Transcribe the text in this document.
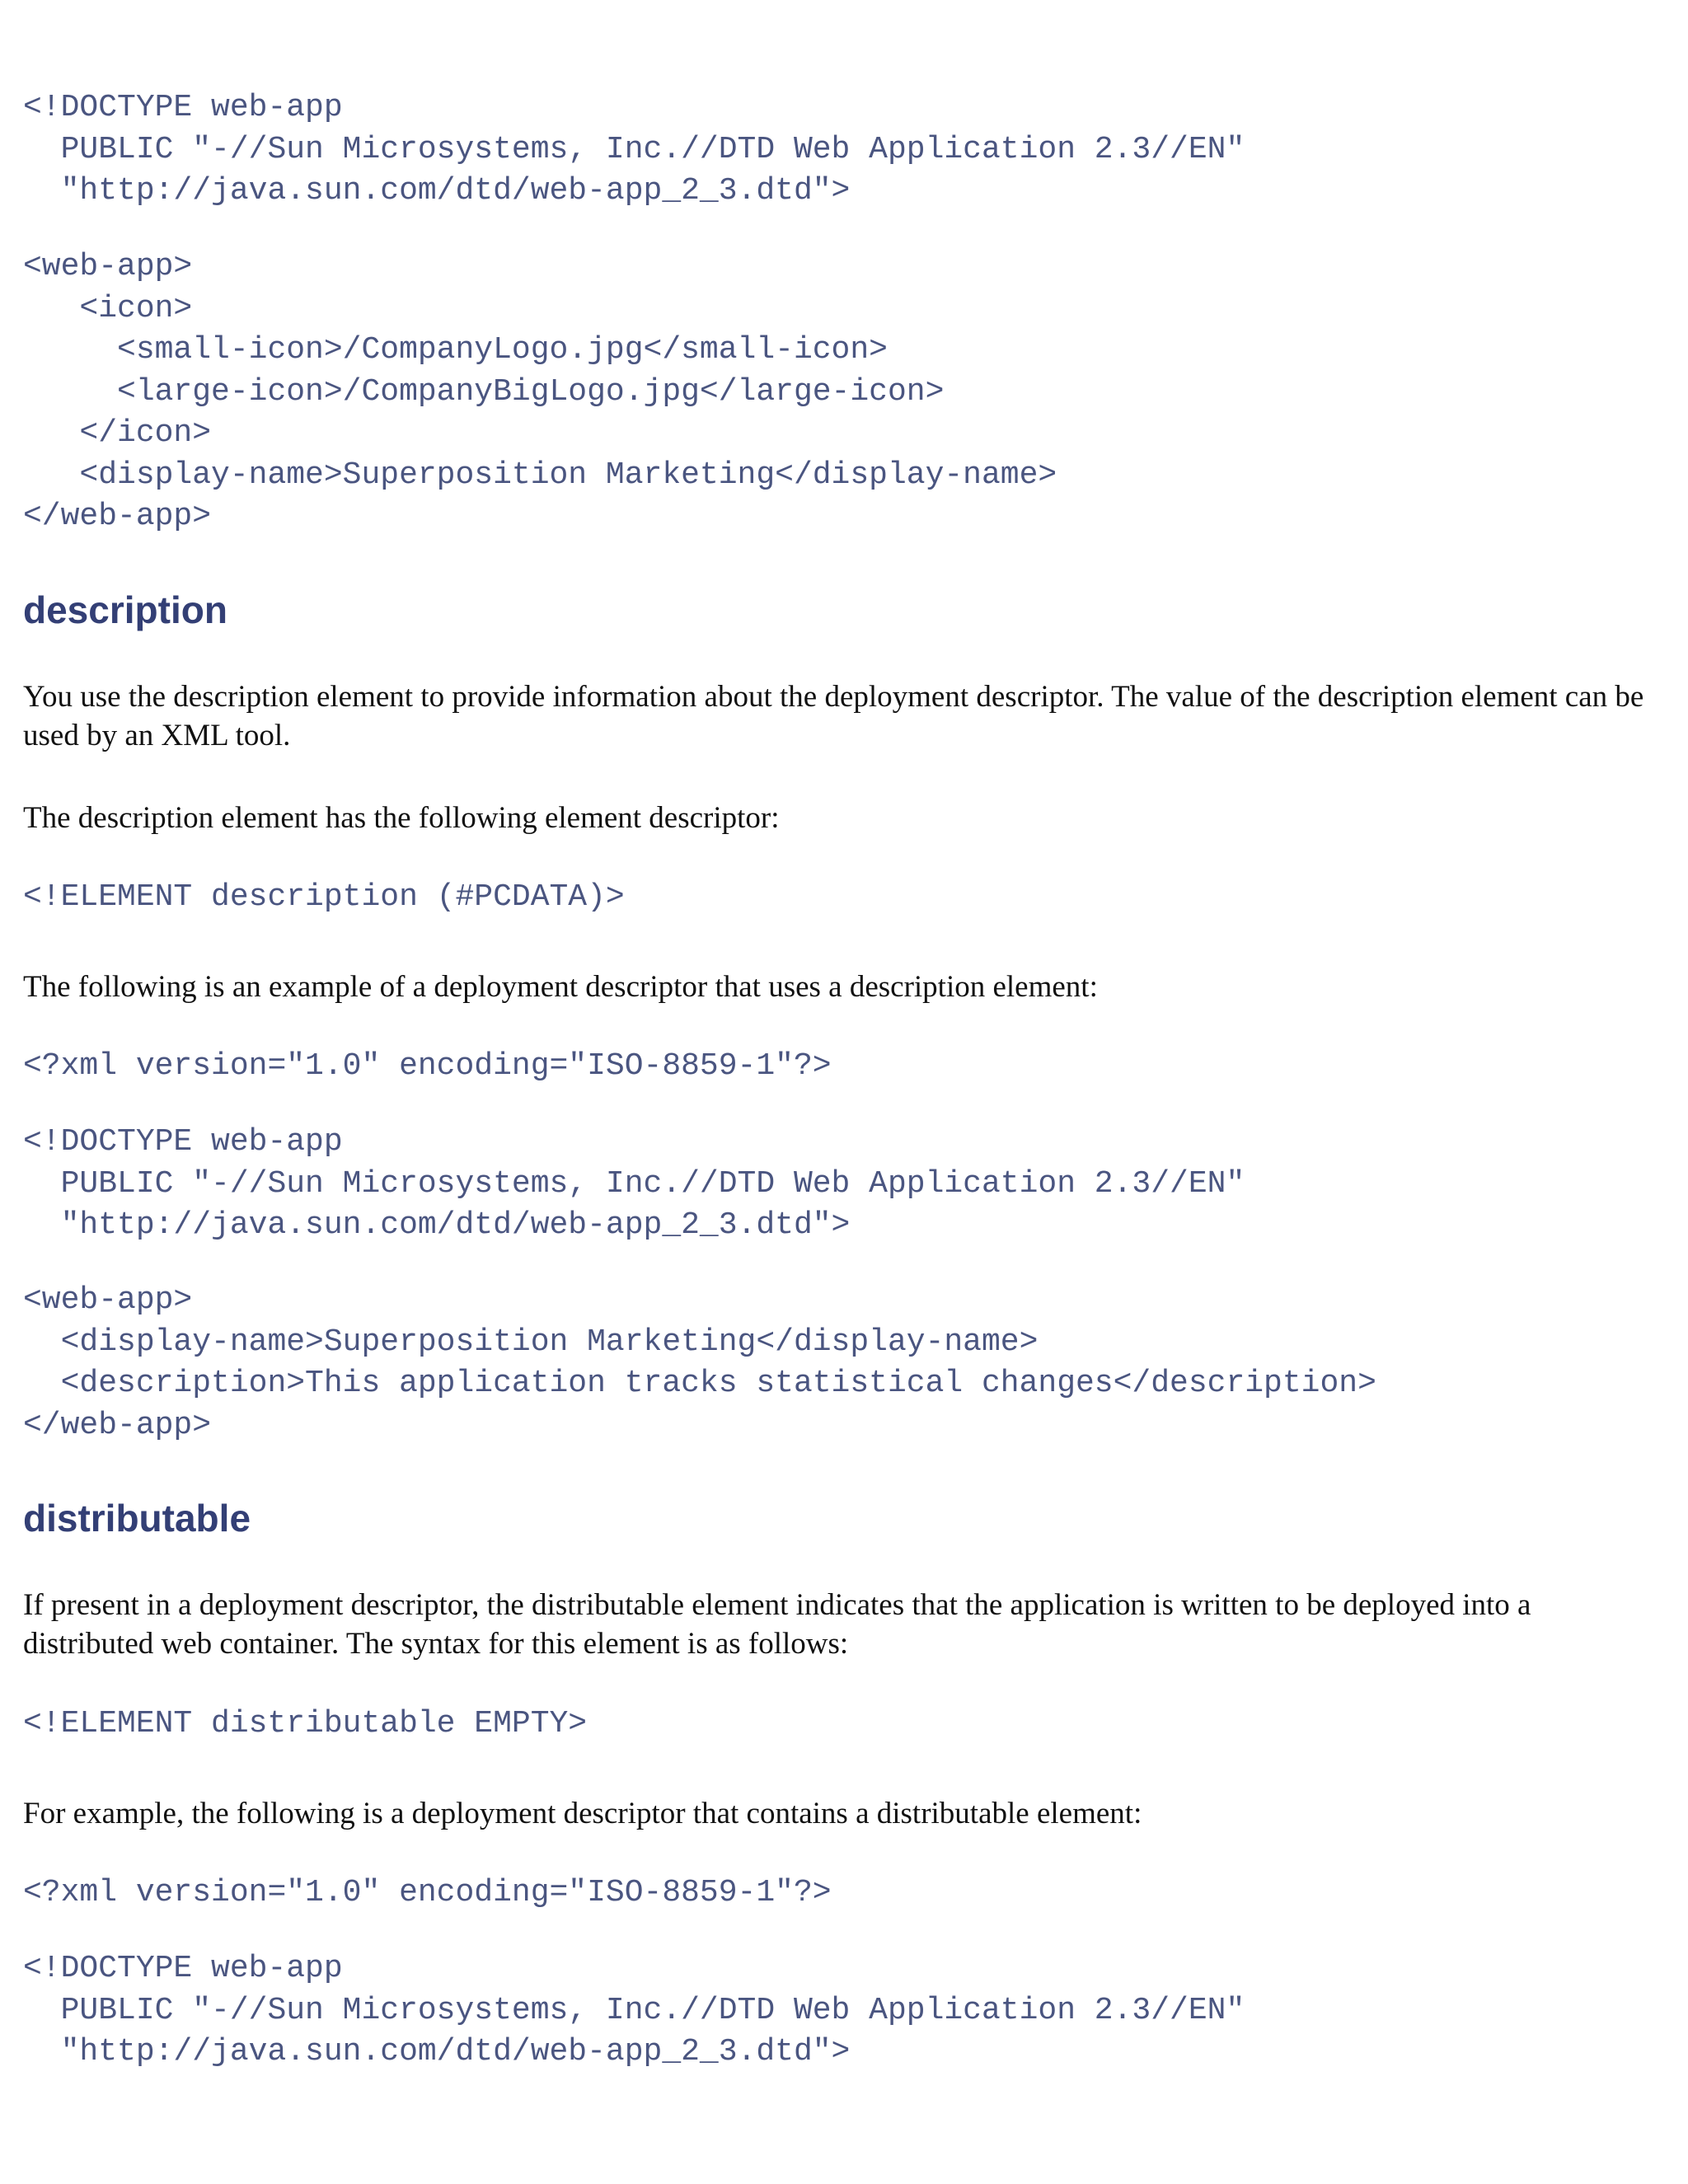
<!DOCTYPE web-app
PUBLIC "-//Sun Microsystems, Inc.//DTD Web Application 2.3//EN"
"http://java.sun.com/dtd/web-app_2_3.dtd">
<web-app>
<icon>
<small-icon>/CompanyLogo.jpg</small-icon>
<large-icon>/CompanyBigLogo.jpg</large-icon>
</icon>
<display-name>Superposition Marketing</display-name>
</web-app>
description

You use the description element to provide information about the deployment descriptor. The value of the description element can be used by an XML tool.

The description element has the following element descriptor:

<!ELEMENT description (#PCDATA)>

The following is an example of a deployment descriptor that uses a description element:

<?xml version="1.0" encoding="ISO-8859-1"?>
<!DOCTYPE web-app
PUBLIC "-//Sun Microsystems, Inc.//DTD Web Application 2.3//EN"
"http://java.sun.com/dtd/web-app_2_3.dtd">
<web-app>
<display-name>Superposition Marketing</display-name>
<description>This application tracks statistical changes</description>
</web-app>
distributable

If present in a deployment descriptor, the distributable element indicates that the application is written to be deployed into a distributed web container. The syntax for this element is as follows:

<!ELEMENT distributable EMPTY>

For example, the following is a deployment descriptor that contains a distributable element:

<?xml version="1.0" encoding="ISO-8859-1"?>
<!DOCTYPE web-app
PUBLIC "-//Sun Microsystems, Inc.//DTD Web Application 2.3//EN"
"http://java.sun.com/dtd/web-app_2_3.dtd">
